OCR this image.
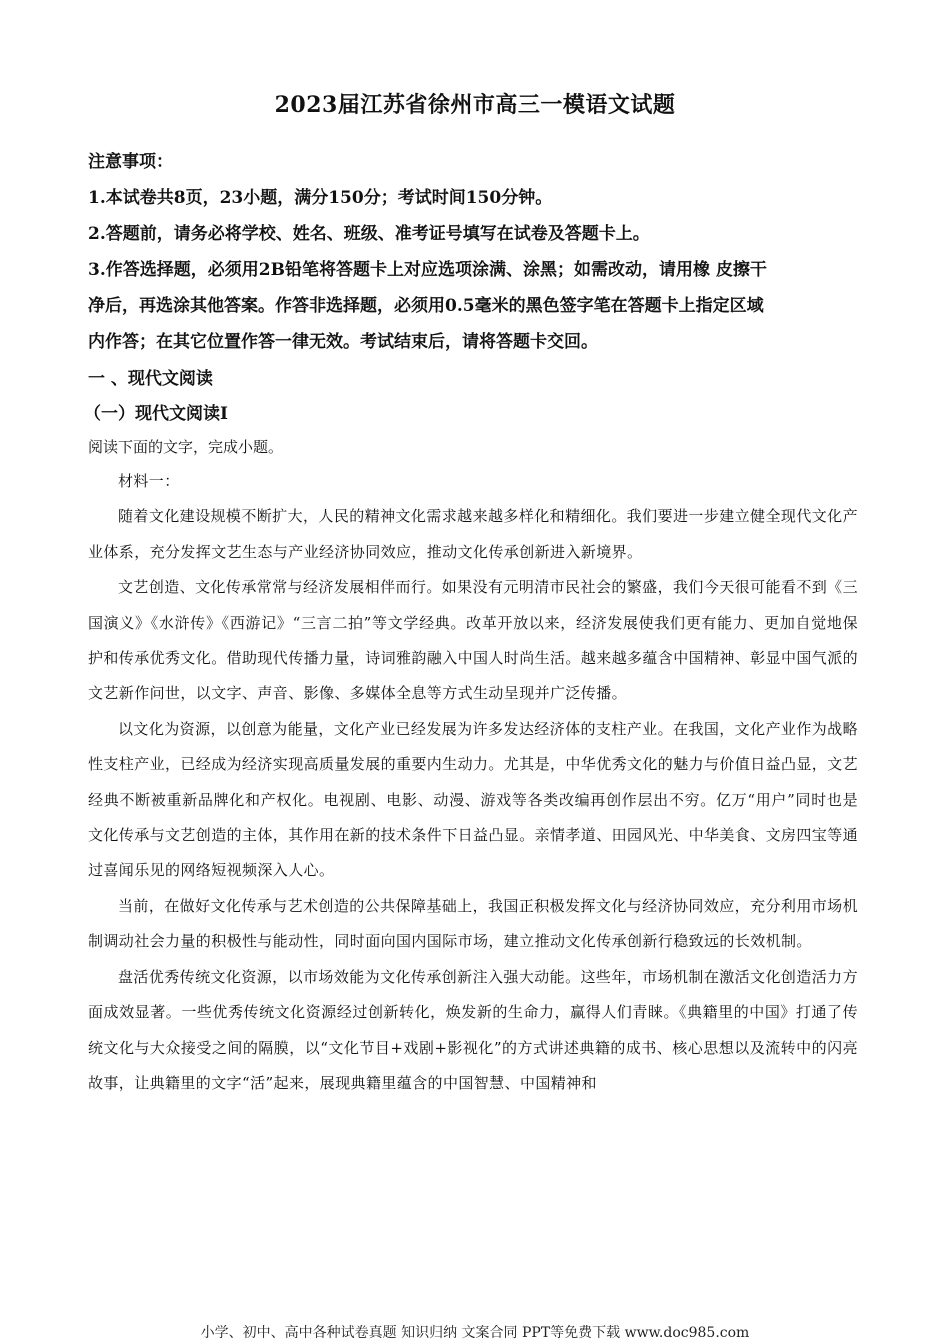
2023届江苏省徐州市高三一模语文试题
注意事项：
1.本试卷共8页，23小题，满分150分；考试时间150分钟。
2.答题前，请务必将学校、姓名、班级、准考证号填写在试卷及答题卡上。
3.作答选择题，必须用2B铅笔将答题卡上对应选项涂满、涂黑；如需改动，请用橡 皮擦干
净后，再选涂其他答案。作答非选择题，必须用0.5毫米的黑色签字笔在答题卡上指定区域
内作答；在其它位置作答一律无效。考试结束后，请将答题卡交回。
一 、现代文阅读
（一）现代文阅读Ⅰ
阅读下面的文字，完成小题。

材料一：

随着文化建设规模不断扩大，人民的精神文化需求越来越多样化和精细化。我们要进一步建立健全现代文化产业体系，充分发挥文艺生态与产业经济协同效应，推动文化传承创新进入新境界。

文艺创造、文化传承常常与经济发展相伴而行。如果没有元明清市民社会的繁盛，我们今天很可能看不到《三国演义》《水浒传》《西游记》“三言二拍”等文学经典。改革开放以来，经济发展使我们更有能力、更加自觉地保护和传承优秀文化。借助现代传播力量，诗词雅韵融入中国人时尚生活。越来越多蕴含中国精神、彰显中国气派的文艺新作问世，以文字、声音、影像、多媒体全息等方式生动呈现并广泛传播。

以文化为资源，以创意为能量，文化产业已经发展为许多发达经济体的支柱产业。在我国，文化产业作为战略性支柱产业，已经成为经济实现高质量发展的重要内生动力。尤其是，中华优秀文化的魅力与价值日益凸显，文艺经典不断被重新品牌化和产权化。电视剧、电影、动漫、游戏等各类改编再创作层出不穷。亿万“用户”同时也是文化传承与文艺创造的主体，其作用在新的技术条件下日益凸显。亲情孝道、田园风光、中华美食、文房四宝等通过喜闻乐见的网络短视频深入人心。

当前，在做好文化传承与艺术创造的公共保障基础上，我国正积极发挥文化与经济协同效应，充分利用市场机制调动社会力量的积极性与能动性，同时面向国内国际市场，建立推动文化传承创新行稳致远的长效机制。

盘活优秀传统文化资源，以市场效能为文化传承创新注入强大动能。这些年，市场机制在激活文化创造活力方面成效显著。一些优秀传统文化资源经过创新转化，焕发新的生命力，赢得人们青睐。《典籍里的中国》打通了传统文化与大众接受之间的隔膜，以“文化节目+戏剧+影视化”的方式讲述典籍的成书、核心思想以及流转中的闪亮故事，让典籍里的文字“活”起来，展现典籍里蕴含的中国智慧、中国精神和

小学、初中、高中各种试卷真题 知识归纳 文案合同 PPT等免费下载 www.doc985.com
